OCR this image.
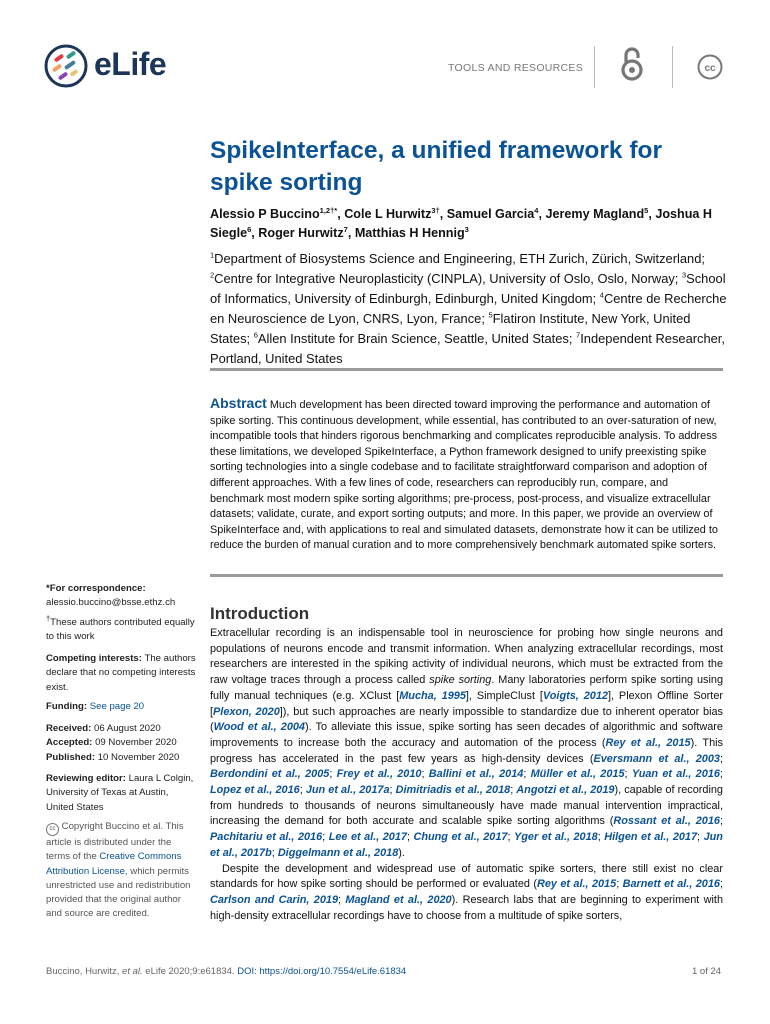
eLife	TOOLS AND RESOURCES	cc
SpikeInterface, a unified framework for spike sorting
Alessio P Buccino$^{1,2\dagger*}$, Cole L Hurwitz$^{3\dagger}$, Samuel Garcia$^4$, Jeremy Magland$^5$, Joshua H Siegle$^6$, Roger Hurwitz$^7$, Matthias H Hennig$^3$
$^1$Department of Biosystems Science and Engineering, ETH Zurich, Zürich, Switzerland; $^2$Centre for Integrative Neuroplasticity (CINPLA), University of Oslo, Oslo, Norway; $^3$School of Informatics, University of Edinburgh, Edinburgh, United Kingdom; $^4$Centre de Recherche en Neuroscience de Lyon, CNRS, Lyon, France; $^5$Flatiron Institute, New York, United States; $^6$Allen Institute for Brain Science, Seattle, United States; $^7$Independent Researcher, Portland, United States
Abstract Much development has been directed toward improving the performance and automation of spike sorting. This continuous development, while essential, has contributed to an over-saturation of new, incompatible tools that hinders rigorous benchmarking and complicates reproducible analysis. To address these limitations, we developed SpikeInterface, a Python framework designed to unify preexisting spike sorting technologies into a single codebase and to facilitate straightforward comparison and adoption of different approaches. With a few lines of code, researchers can reproducibly run, compare, and benchmark most modern spike sorting algorithms; pre-process, post-process, and visualize extracellular datasets; validate, curate, and export sorting outputs; and more. In this paper, we provide an overview of SpikeInterface and, with applications to real and simulated datasets, demonstrate how it can be utilized to reduce the burden of manual curation and to more comprehensively benchmark automated spike sorters.
*For correspondence:
alessio.buccino@bsse.ethz.ch
†These authors contributed equally to this work
Competing interests: The authors declare that no competing interests exist.
Funding: See page 20
Received: 06 August 2020
Accepted: 09 November 2020
Published: 10 November 2020
Reviewing editor: Laura L Colgin, University of Texas at Austin, United States
cc Copyright Buccino et al. This article is distributed under the terms of the Creative Commons Attribution License, which permits unrestricted use and redistribution provided that the original author and source are credited.
Introduction

Extracellular recording is an indispensable tool in neuroscience for probing how single neurons and populations of neurons encode and transmit information. When analyzing extracellular recordings, most researchers are interested in the spiking activity of individual neurons, which must be extracted from the raw voltage traces through a process called spike sorting. Many laboratories perform spike sorting using fully manual techniques (e.g. XClust [Mucha, 1995], SimpleClust [Voigts, 2012], Plexon Offline Sorter [Plexon, 2020]), but such approaches are nearly impossible to standardize due to inherent operator bias (Wood et al., 2004). To alleviate this issue, spike sorting has seen decades of algorithmic and software improvements to increase both the accuracy and automation of the process (Rey et al., 2015). This progress has accelerated in the past few years as high-density devices (Eversmann et al., 2003; Berdondini et al., 2005; Frey et al., 2010; Ballini et al., 2014; Müller et al., 2015; Yuan et al., 2016; Lopez et al., 2016; Jun et al., 2017a; Dimitriadis et al., 2018; Angotzi et al., 2019), capable of recording from hundreds to thousands of neurons simultaneously have made manual intervention impractical, increasing the demand for both accurate and scalable spike sorting algorithms (Rossant et al., 2016; Pachitariu et al., 2016; Lee et al., 2017; Chung et al., 2017; Yger et al., 2018; Hilgen et al., 2017; Jun et al., 2017b; Diggelmann et al., 2018).

Despite the development and widespread use of automatic spike sorters, there still exist no clear standards for how spike sorting should be performed or evaluated (Rey et al., 2015; Barnett et al., 2016; Carlson and Carin, 2019; Magland et al., 2020). Research labs that are beginning to experiment with high-density extracellular recordings have to choose from a multitude of spike sorters,

Buccino, Hurwitz, et al. eLife 2020;9:e61834. DOI: https://doi.org/10.7554/eLife.61834	1 of 24
